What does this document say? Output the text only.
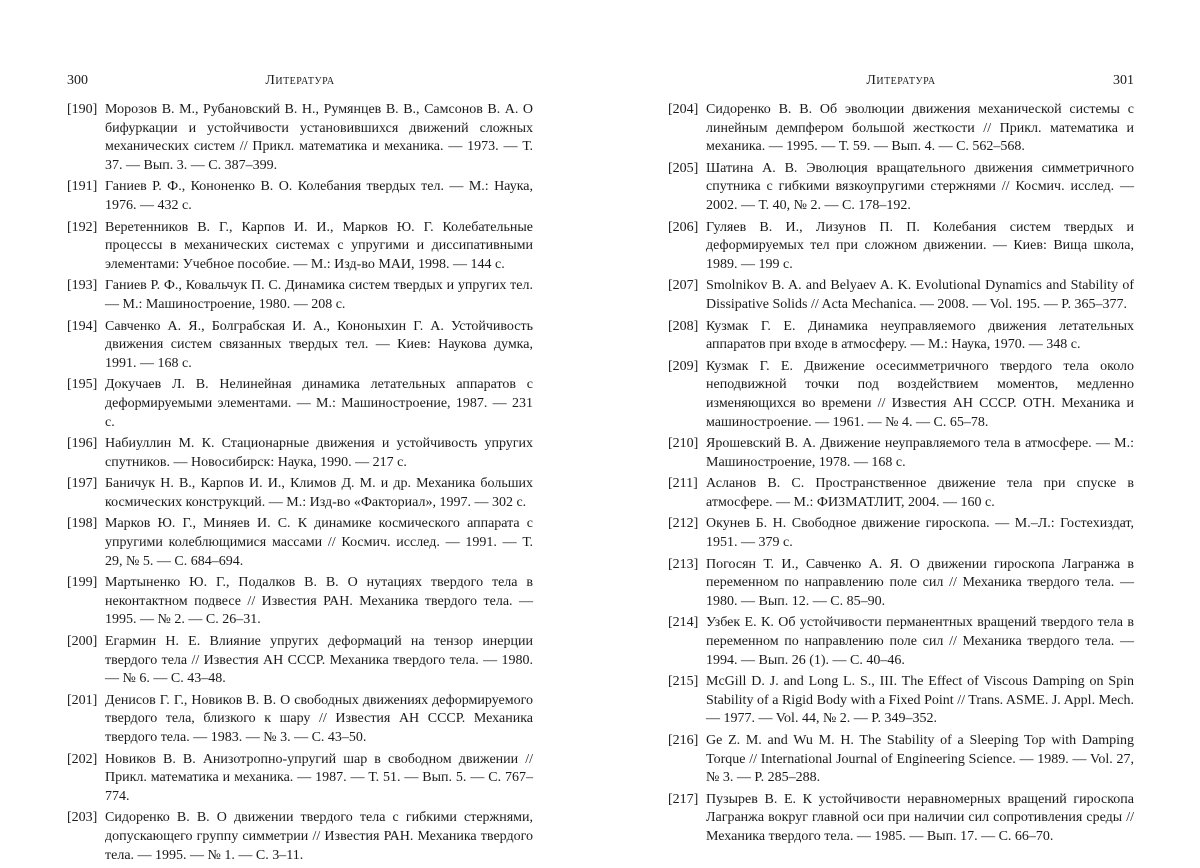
300	Литература
[190] Морозов В. М., Рубановский В. Н., Румянцев В. В., Самсонов В. А. О бифуркации и устойчивости установившихся движений сложных механических систем // Прикл. математика и механика. — 1973. — Т. 37. — Вып. 3. — С. 387–399.
[191] Ганиев Р. Ф., Кононенко В. О. Колебания твердых тел. — М.: Наука, 1976. — 432 с.
[192] Веретенников В. Г., Карпов И. И., Марков Ю. Г. Колебательные процессы в механических системах с упругими и диссипативными элементами: Учебное пособие. — М.: Изд-во МАИ, 1998. — 144 с.
[193] Ганиев Р. Ф., Ковальчук П. С. Динамика систем твердых и упругих тел. — М.: Машиностроение, 1980. — 208 с.
[194] Савченко А. Я., Болграбская И. А., Кононыхин Г. А. Устойчивость движения систем связанных твердых тел. — Киев: Наукова думка, 1991. — 168 с.
[195] Докучаев Л. В. Нелинейная динамика летательных аппаратов с деформируемыми элементами. — М.: Машиностроение, 1987. — 231 с.
[196] Набиуллин М. К. Стационарные движения и устойчивость упругих спутников. — Новосибирск: Наука, 1990. — 217 с.
[197] Баничук Н. В., Карпов И. И., Климов Д. М. и др. Механика больших космических конструкций. — М.: Изд-во «Факториал», 1997. — 302 с.
[198] Марков Ю. Г., Миняев И. С. К динамике космического аппарата с упругими колеблющимися массами // Космич. исслед. — 1991. — Т. 29, № 5. — С. 684–694.
[199] Мартыненко Ю. Г., Подалков В. В. О нутациях твердого тела в неконтактном подвесе // Известия РАН. Механика твердого тела. — 1995. — № 2. — С. 26–31.
[200] Егармин Н. Е. Влияние упругих деформаций на тензор инерции твердого тела // Известия АН СССР. Механика твердого тела. — 1980. — № 6. — С. 43–48.
[201] Денисов Г. Г., Новиков В. В. О свободных движениях деформируемого твердого тела, близкого к шару // Известия АН СССР. Механика твердого тела. — 1983. — № 3. — С. 43–50.
[202] Новиков В. В. Анизотропно-упругий шар в свободном движении // Прикл. математика и механика. — 1987. — Т. 51. — Вып. 5. — С. 767–774.
[203] Сидоренко В. В. О движении твердого тела с гибкими стержнями, допускающего группу симметрии // Известия РАН. Механика твердого тела. — 1995. — № 1. — С. 3–11.
Литература	301
[204] Сидоренко В. В. Об эволюции движения механической системы с линейным демпфером большой жесткости // Прикл. математика и механика. — 1995. — Т. 59. — Вып. 4. — С. 562–568.
[205] Шатина А. В. Эволюция вращательного движения симметричного спутника с гибкими вязкоупругими стержнями // Космич. исслед. — 2002. — Т. 40, № 2. — С. 178–192.
[206] Гуляев В. И., Лизунов П. П. Колебания систем твердых и деформируемых тел при сложном движении. — Киев: Вища школа, 1989. — 199 с.
[207] Smolnikov B. A. and Belyaev A. K. Evolutional Dynamics and Stability of Dissipative Solids // Acta Mechanica. — 2008. — Vol. 195. — P. 365–377.
[208] Кузмак Г. Е. Динамика неуправляемого движения летательных аппаратов при входе в атмосферу. — М.: Наука, 1970. — 348 с.
[209] Кузмак Г. Е. Движение осесимметричного твердого тела около неподвижной точки под воздействием моментов, медленно изменяющихся во времени // Известия АН СССР. ОТН. Механика и машиностроение. — 1961. — № 4. — С. 65–78.
[210] Ярошевский В. А. Движение неуправляемого тела в атмосфере. — М.: Машиностроение, 1978. — 168 с.
[211] Асланов В. С. Пространственное движение тела при спуске в атмосфере. — М.: ФИЗМАТЛИТ, 2004. — 160 с.
[212] Окунев Б. Н. Свободное движение гироскопа. — М.–Л.: Гостехиздат, 1951. — 379 с.
[213] Погосян Т. И., Савченко А. Я. О движении гироскопа Лагранжа в переменном по направлению поле сил // Механика твердого тела. — 1980. — Вып. 12. — С. 85–90.
[214] Узбек Е. К. Об устойчивости перманентных вращений твердого тела в переменном по направлению поле сил // Механика твердого тела. — 1994. — Вып. 26 (1). — С. 40–46.
[215] McGill D. J. and Long L. S., III. The Effect of Viscous Damping on Spin Stability of a Rigid Body with a Fixed Point // Trans. ASME. J. Appl. Mech. — 1977. — Vol. 44, № 2. — P. 349–352.
[216] Ge Z. M. and Wu M. H. The Stability of a Sleeping Top with Damping Torque // International Journal of Engineering Science. — 1989. — Vol. 27, № 3. — P. 285–288.
[217] Пузырев В. Е. К устойчивости неравномерных вращений гироскопа Лагранжа вокруг главной оси при наличии сил сопротивления среды // Механика твердого тела. — 1985. — Вып. 17. — С. 66–70.
